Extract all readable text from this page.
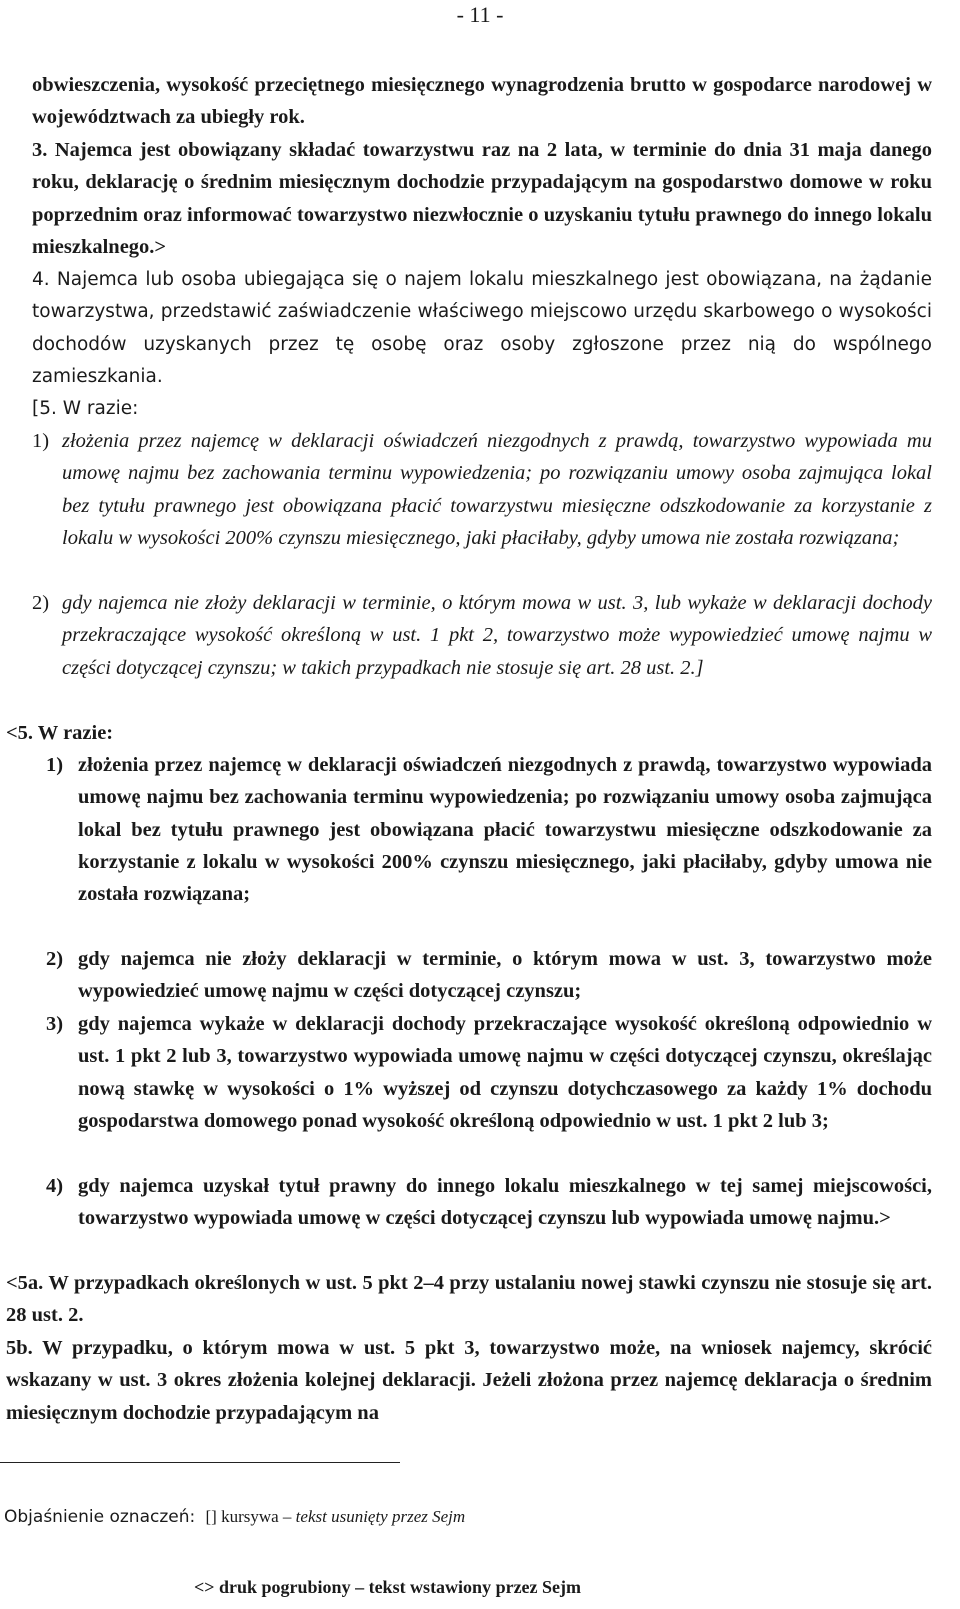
- 11 -
obwieszczenia, wysokość przeciętnego miesięcznego wynagrodzenia brutto w gospodarce narodowej w województwach za ubiegły rok.
3. Najemca jest obowiązany składać towarzystwu raz na 2 lata, w terminie do dnia 31 maja danego roku, deklarację o średnim miesięcznym dochodzie przypadającym na gospodarstwo domowe w roku poprzednim oraz informować towarzystwo niezwłocznie o uzyskaniu tytułu prawnego do innego lokalu mieszkalnego.>
4. Najemca lub osoba ubiegająca się o najem lokalu mieszkalnego jest obowiązana, na żądanie towarzystwa, przedstawić zaświadczenie właściwego miejscowo urzędu skarbowego o wysokości dochodów uzyskanych przez tę osobę oraz osoby zgłoszone przez nią do wspólnego zamieszkania.
[5. W razie:
1) złożenia przez najemcę w deklaracji oświadczeń niezgodnych z prawdą, towarzystwo wypowiada mu umowę najmu bez zachowania terminu wypowiedzenia; po rozwiązaniu umowy osoba zajmująca lokal bez tytułu prawnego jest obowiązana płacić towarzystwu miesięczne odszkodowanie za korzystanie z lokalu w wysokości 200% czynszu miesięcznego, jaki płaciłaby, gdyby umowa nie została rozwiązana;
2) gdy najemca nie złoży deklaracji w terminie, o którym mowa w ust. 3, lub wykaże w deklaracji dochody przekraczające wysokość określoną w ust. 1 pkt 2, towarzystwo może wypowiedzieć umowę najmu w części dotyczącej czynszu; w takich przypadkach nie stosuje się art. 28 ust. 2.]
<5. W razie:
1) złożenia przez najemcę w deklaracji oświadczeń niezgodnych z prawdą, towarzystwo wypowiada umowę najmu bez zachowania terminu wypowiedzenia; po rozwiązaniu umowy osoba zajmująca lokal bez tytułu prawnego jest obowiązana płacić towarzystwu miesięczne odszkodowanie za korzystanie z lokalu w wysokości 200% czynszu miesięcznego, jaki płaciłaby, gdyby umowa nie została rozwiązana;
2) gdy najemca nie złoży deklaracji w terminie, o którym mowa w ust. 3, towarzystwo może wypowiedzieć umowę najmu w części dotyczącej czynszu;
3) gdy najemca wykaże w deklaracji dochody przekraczające wysokość określoną odpowiednio w ust. 1 pkt 2 lub 3, towarzystwo wypowiada umowę najmu w części dotyczącej czynszu, określając nową stawkę w wysokości o 1% wyższej od czynszu dotychczasowego za każdy 1% dochodu gospodarstwa domowego ponad wysokość określoną odpowiednio w ust. 1 pkt 2 lub 3;
4) gdy najemca uzyskał tytuł prawny do innego lokalu mieszkalnego w tej samej miejscowości, towarzystwo wypowiada umowę w części dotyczącej czynszu lub wypowiada umowę najmu.>
<5a. W przypadkach określonych w ust. 5 pkt 2–4 przy ustalaniu nowej stawki czynszu nie stosuje się art. 28 ust. 2.
5b. W przypadku, o którym mowa w ust. 5 pkt 3, towarzystwo może, na wniosek najemcy, skrócić wskazany w ust. 3 okres złożenia kolejnej deklaracji. Jeżeli złożona przez najemcę deklaracja o średnim miesięcznym dochodzie przypadającym na
Objaśnienie oznaczeń: [] kursywa – tekst usunięty przez Sejm
<> druk pogrubiony – tekst wstawiony przez Sejm
